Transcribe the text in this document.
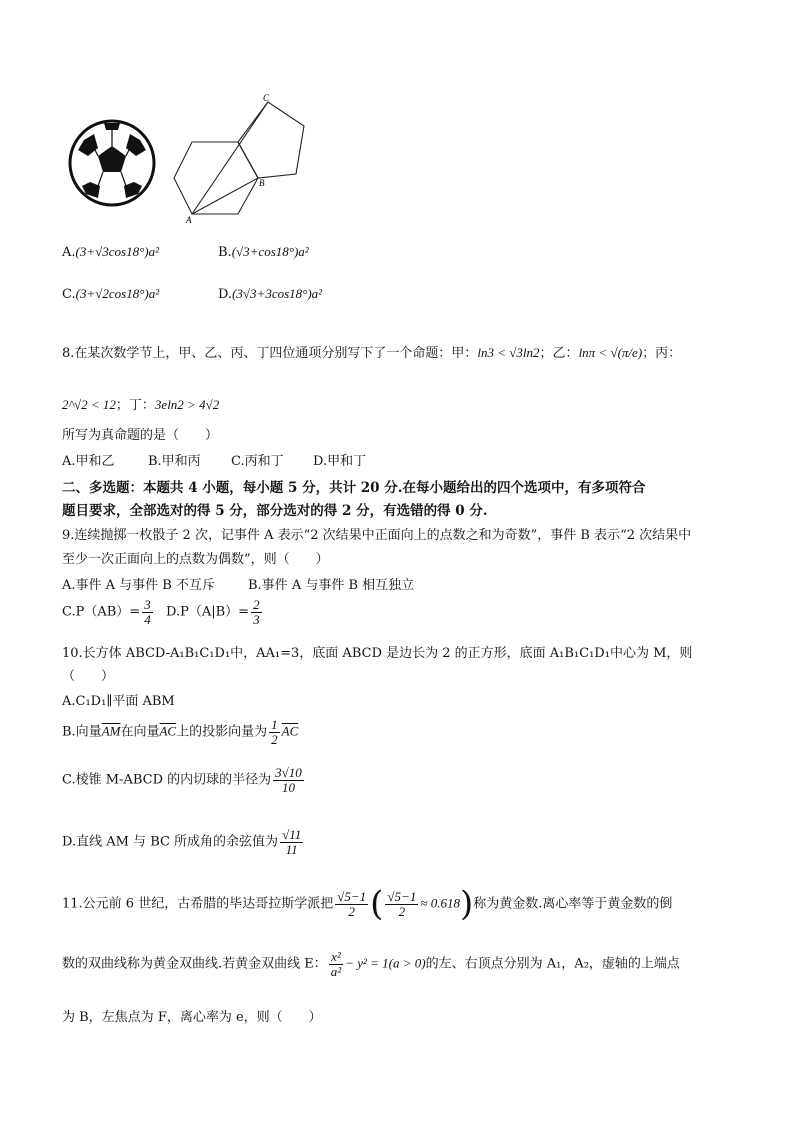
C
B
A
A.(3+√3cos18°)a²	B.(√3+cos18°)a²
C.(3+√2cos18°)a²	D.(3√3+3cos18°)a²
8.在某次数学节上，甲、乙、丙、丁四位通项分别写下了一个命题：甲：ln3 < √3ln2；乙：lnπ < √(π/e)；丙：
2^√2 < 12；丁：3eln2 > 4√2
所写为真命题的是（　　）
A.甲和乙	B.甲和丙 C.丙和丁 D.甲和丁
二、多选题：本题共 4 小题，每小题 5 分，共计 20 分.在每小题给出的四个选项中，有多项符合
题目要求，全部选对的得 5 分，部分选对的得 2 分，有选错的得 0 分.
9.连续抛掷一枚骰子 2 次，记事件 A 表示“2 次结果中正面向上的点数之和为奇数”，事件 B 表示“2 次结果中
至少一次正面向上的点数为偶数”，则（　　）
A.事件 A 与事件 B 不互斥	B.事件 A 与事件 B 相互独立
$C.P(AB)= \frac{3}{4} D.P(A|B)= \frac{2}{3}$
10.长方体 ABCD-A₁B₁C₁D₁中，AA₁=3，底面 ABCD 是边长为 2 的正方形，底面 A₁B₁C₁D₁中心为 M，则
（　　）
A.C₁D₁∥平面 ABM
B.向量$\overline{AM}$在向量$\overline{AC}$上的投影向量为 $\frac{1}{2} \overline{AC}$
C.棱锥 M-ABCD 的内切球的半径为 $\frac{3√10}{10}$
D.直线 AM 与 BC 所成角的余弦值为 $\frac{√11}{11}$
11.公元前 6 世纪，古希腊的毕达哥拉斯学派把 $\frac{√5-1}{2}$ ( $\frac{√5-1}{2} \approx 0.618$)称为黄金数.离心率等于黄金数的倒
数的双曲线称为黄金双曲线.若黄金双曲线 E： $\frac{\text{x²}}{\text{a²}} - y^2 = 1(a > 0)$的左、右顶点分别为 A₁，A₂，虚轴的上端点
为 B，左焦点为 F，离心率为 e，则（　　）
